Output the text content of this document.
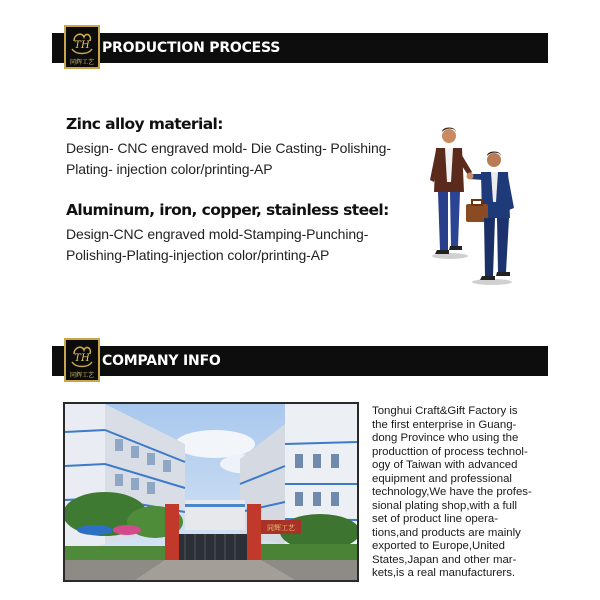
PRODUCTION PROCESS
TH
同辉工艺
Zinc alloy material:
Design- CNC engraved mold- Die Casting- Polishing-
Plating- injection color/printing-AP
Aluminum, iron, copper, stainless steel:
Design-CNC engraved mold-Stamping-Punching-
Polishing-Plating-injection color/printing-AP
COMPANY INFO
TH
同辉工艺
同辉工艺
Tonghui Craft&Gift Factory is
the first enterprise in Guang-
dong Province who using the
producttion of process technol-
ogy of Taiwan with advanced
equipment and professional
technology,We have the profes-
sional plating shop,with a full
set of product line opera-
tions,and products are mainly
exported to Europe,United
States,Japan and other mar-
kets,is a real manufacturers.
